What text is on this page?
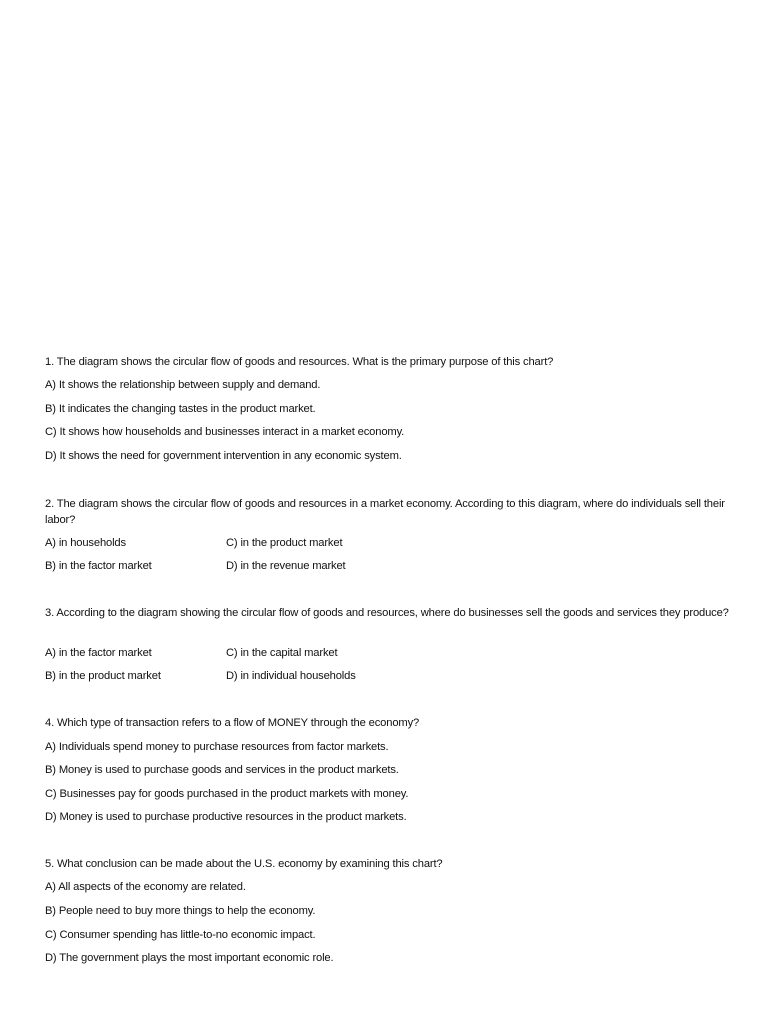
1. The diagram shows the circular flow of goods and resources. What is the primary purpose of this chart?
A) It shows the relationship between supply and demand.
B) It indicates the changing tastes in the product market.
C) It shows how households and businesses interact in a market economy.
D) It shows the need for government intervention in any economic system.
2. The diagram shows the circular flow of goods and resources in a market economy. According to this diagram, where do individuals sell their labor?
A) in households	C) in the product market
B) in the factor market	D) in the revenue market
3. According to the diagram showing the circular flow of goods and resources, where do businesses sell the goods and services they produce?
A) in the factor market	C) in the capital market
B) in the product market	D) in individual households
4. Which type of transaction refers to a flow of MONEY through the economy?
A) Individuals spend money to purchase resources from factor markets.
B) Money is used to purchase goods and services in the product markets.
C) Businesses pay for goods purchased in the product markets with money.
D) Money is used to purchase productive resources in the product markets.
5. What conclusion can be made about the U.S. economy by examining this chart?
A) All aspects of the economy are related.
B) People need to buy more things to help the economy.
C) Consumer spending has little-to-no economic impact.
D) The government plays the most important economic role.
